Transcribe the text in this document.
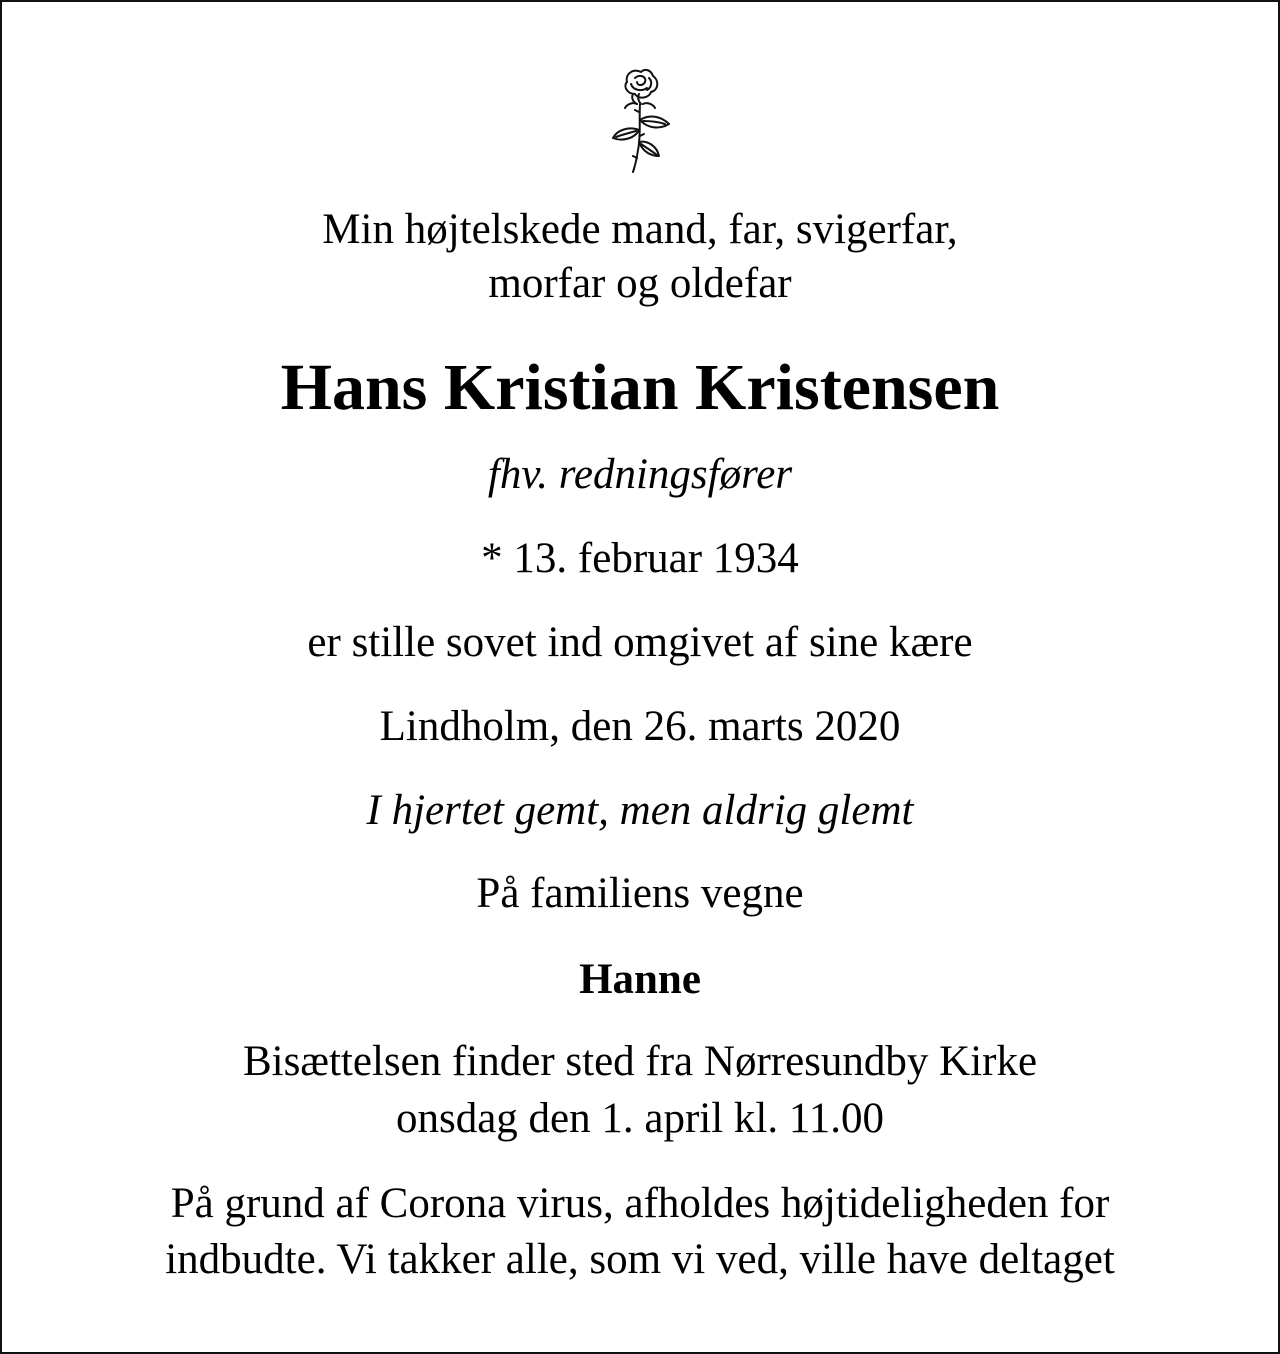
Min højtelskede mand, far, svigerfar,
morfar og oldefar
Hans Kristian Kristensen
fhv. redningsfører
* 13. februar 1934
er stille sovet ind omgivet af sine kære
Lindholm, den 26. marts 2020
I hjertet gemt, men aldrig glemt
På familiens vegne
Hanne
Bisættelsen finder sted fra Nørresundby Kirke
onsdag den 1. april kl. 11.00
På grund af Corona virus, afholdes højtideligheden for
indbudte. Vi takker alle, som vi ved, ville have deltaget
